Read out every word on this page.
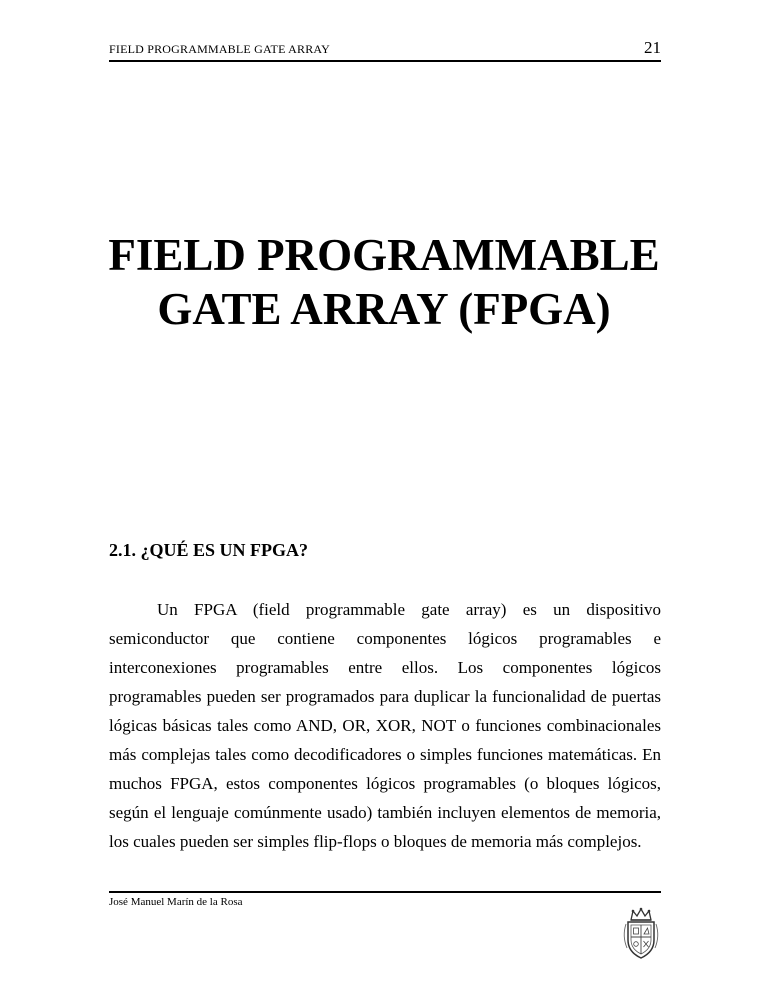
FIELD PROGRAMMABLE GATE ARRAY	21
FIELD PROGRAMMABLE
GATE ARRAY (FPGA)
2.1. ¿QUÉ ES UN FPGA?

Un FPGA (field programmable gate array) es un dispositivo semiconductor que contiene componentes lógicos programables e interconexiones programables entre ellos. Los componentes lógicos programables pueden ser programados para duplicar la funcionalidad de puertas lógicas básicas tales como AND, OR, XOR, NOT o funciones combinacionales más complejas tales como decodificadores o simples funciones matemáticas. En muchos FPGA, estos componentes lógicos programables (o bloques lógicos, según el lenguaje comúnmente usado) también incluyen elementos de memoria, los cuales pueden ser simples flip-flops o bloques de memoria más complejos.

José Manuel Marín de la Rosa
